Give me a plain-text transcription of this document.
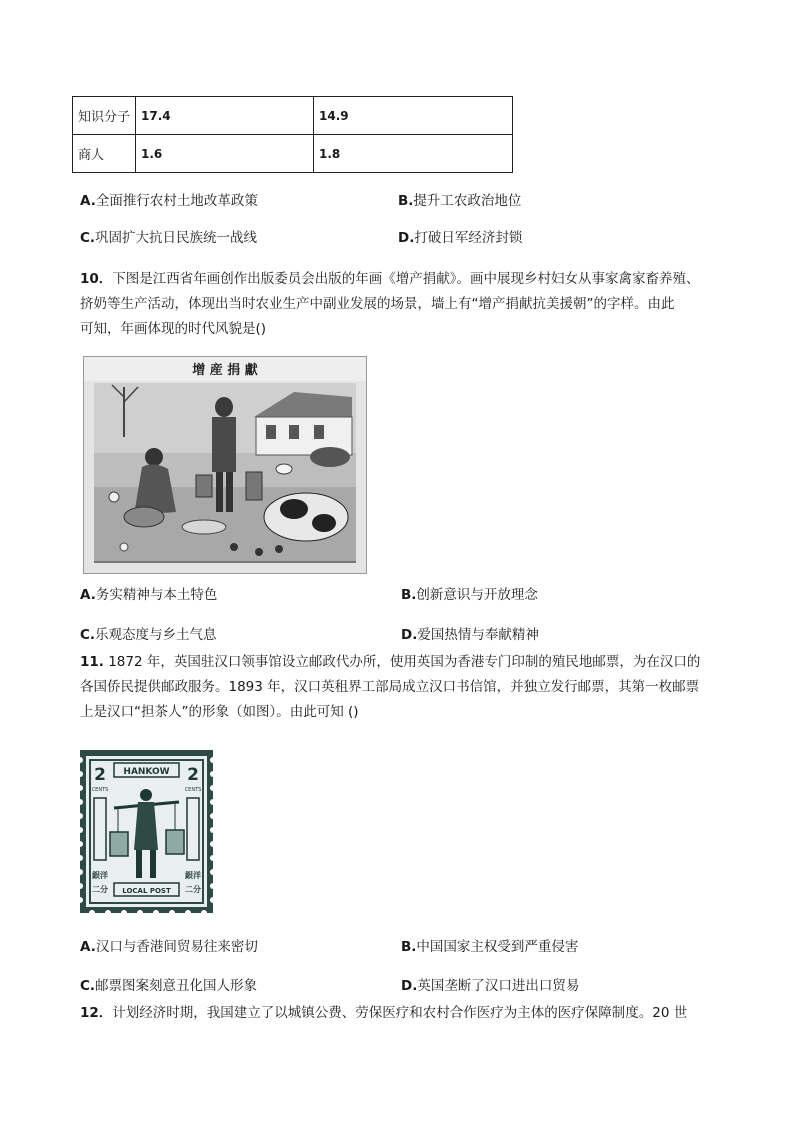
知识分子	17.4	14.9
商人	1.6	1.8
A.全面推行农村土地改革政策	B.提升工农政治地位
C.巩固扩大抗日民族统一战线	D.打破日军经济封锁
10．下图是江西省年画创作出版委员会出版的年画《增产捐献》。画中展现乡村妇女从事家禽家畜养殖、
挤奶等生产活动，体现出当时农业生产中副业发展的场景，墙上有“增产捐献抗美援朝”的字样。由此
可知，年画体现的时代风貌是()
增 産 捐 獻
A.务实精神与本土特色	B.创新意识与开放理念
C.乐观态度与乡土气息	D.爱国热情与奉献精神
11. 1872 年，英国驻汉口领事馆设立邮政代办所，使用英国为香港专门印制的殖民地邮票，为在汉口的
各国侨民提供邮政服务。1893 年，汉口英租界工部局成立汉口书信馆，并独立发行邮票，其第一枚邮票
上是汉口“担茶人”的形象（如图）。由此可知 ()
2	2
CENTS	CENTS
HANKOW
銀洋
二分
銀洋
二分
LOCAL POST
A.汉口与香港间贸易往来密切	B.中国国家主权受到严重侵害
C.邮票图案刻意丑化国人形象	D.英国垄断了汉口进出口贸易
12．计划经济时期，我国建立了以城镇公费、劳保医疗和农村合作医疗为主体的医疗保障制度。20 世
